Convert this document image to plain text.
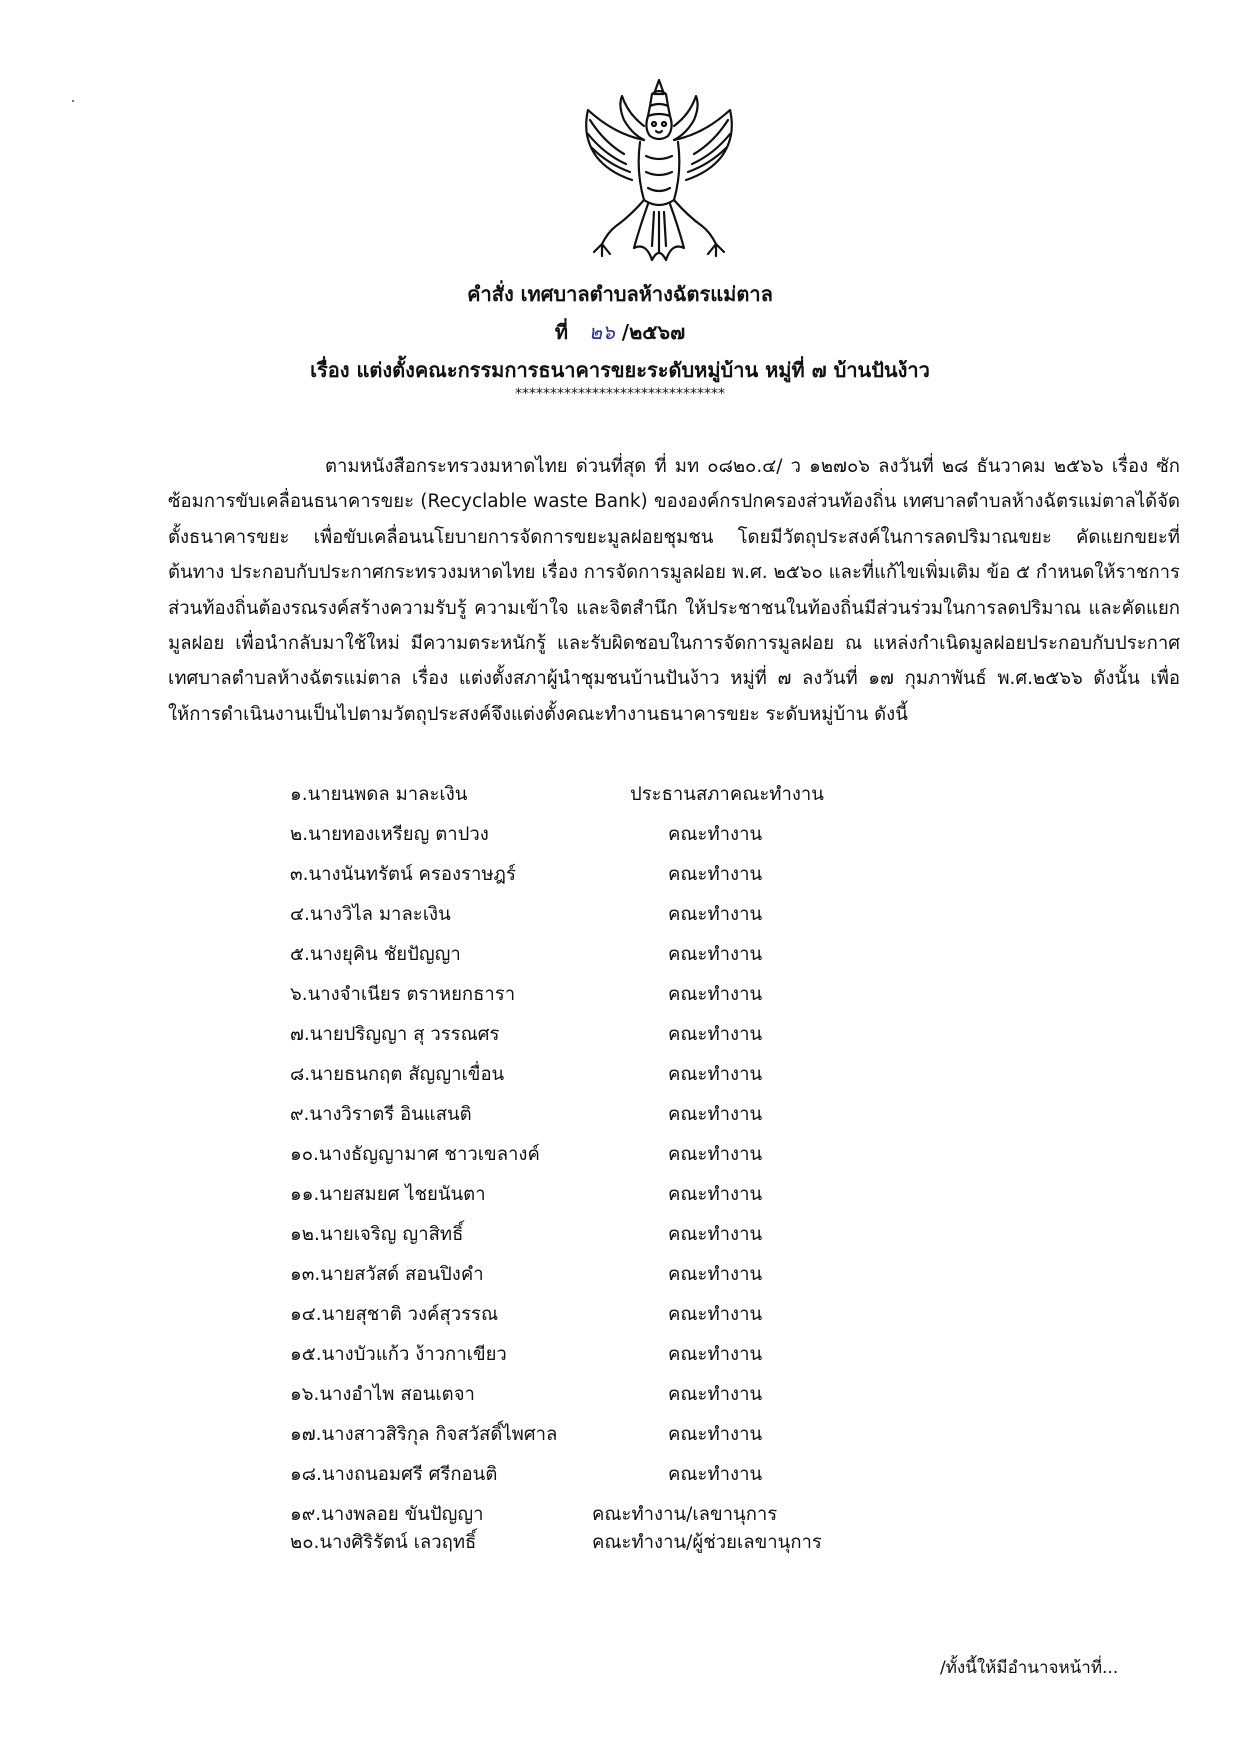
คำสั่ง เทศบาลตำบลห้างฉัตรแม่ตาล
ที่ ๒๖ /๒๕๖๗
เรื่อง แต่งตั้งคณะกรรมการธนาคารขยะระดับหมู่บ้าน หมู่ที่ ๗ บ้านปันง้าว
******************************
ตามหนังสือกระทรวงมหาดไทย ด่วนที่สุด ที่ มท ๐๘๒๐.๔/ ว ๑๒๗๐๖ ลงวันที่ ๒๘ ธันวาคม ๒๕๖๖ เรื่อง ซักซ้อมการขับเคลื่อนธนาคารขยะ (Recyclable waste Bank) ขององค์กรปกครองส่วนท้องถิ่น เทศบาลตำบลห้างฉัตรแม่ตาลได้จัดตั้งธนาคารขยะ เพื่อขับเคลื่อนนโยบายการจัดการขยะมูลฝอยชุมชน โดยมีวัตถุประสงค์ในการลดปริมาณขยะ คัดแยกขยะที่ต้นทาง ประกอบกับประกาศกระทรวงมหาดไทย เรื่อง การจัดการมูลฝอย พ.ศ. ๒๕๖๐ และที่แก้ไขเพิ่มเติม ข้อ ๕ กำหนดให้ราชการส่วนท้องถิ่นต้องรณรงค์สร้างความรับรู้ ความเข้าใจ และจิตสำนึก ให้ประชาชนในท้องถิ่นมีส่วนร่วมในการลดปริมาณ และคัดแยกมูลฝอย เพื่อนำกลับมาใช้ใหม่ มีความตระหนักรู้ และรับผิดชอบในการจัดการมูลฝอย ณ แหล่งกำเนิดมูลฝอยประกอบกับประกาศเทศบาลตำบลห้างฉัตรแม่ตาล เรื่อง แต่งตั้งสภาผู้นำชุมชนบ้านปันง้าว หมู่ที่ ๗ ลงวันที่ ๑๗ กุมภาพันธ์ พ.ศ.๒๕๖๖ ดังนั้น เพื่อให้การดำเนินงานเป็นไปตามวัตถุประสงค์จึงแต่งตั้งคณะทำงานธนาคารขยะ ระดับหมู่บ้าน ดังนี้
๑.นายนพดล มาละเงิน	ประธานสภาคณะทำงาน
๒.นายทองเหรียญ ตาปวง	คณะทำงาน
๓.นางนันทรัตน์ ครองราษฎร์	คณะทำงาน
๔.นางวิไล มาละเงิน	คณะทำงาน
๕.นางยุคิน ชัยปัญญา	คณะทำงาน
๖.นางจำเนียร ตราหยกธารา	คณะทำงาน
๗.นายปริญญา สุ วรรณศร	คณะทำงาน
๘.นายธนกฤต สัญญาเขื่อน	คณะทำงาน
๙.นางวิราตรี อินแสนติ	คณะทำงาน
๑๐.นางธัญญามาศ ชาวเขลางค์	คณะทำงาน
๑๑.นายสมยศ ไชยนันตา	คณะทำงาน
๑๒.นายเจริญ ญาสิทธิ์	คณะทำงาน
๑๓.นายสวัสด์ สอนปิงคำ	คณะทำงาน
๑๔.นายสุชาติ วงค์สุวรรณ	คณะทำงาน
๑๕.นางบัวแก้ว ง้าวกาเขียว	คณะทำงาน
๑๖.นางอำไพ สอนเตจา	คณะทำงาน
๑๗.นางสาวสิริกุล กิจสวัสดิ์ไพศาล	คณะทำงาน
๑๘.นางถนอมศรี ศรีกอนติ	คณะทำงาน
๑๙.นางพลอย ขันปัญญา	คณะทำงาน/เลขานุการ
๒๐.นางศิริรัตน์ เลวฤทธิ์	คณะทำงาน/ผู้ช่วยเลขานุการ
/ทั้งนี้ให้มีอำนาจหน้าที่...
